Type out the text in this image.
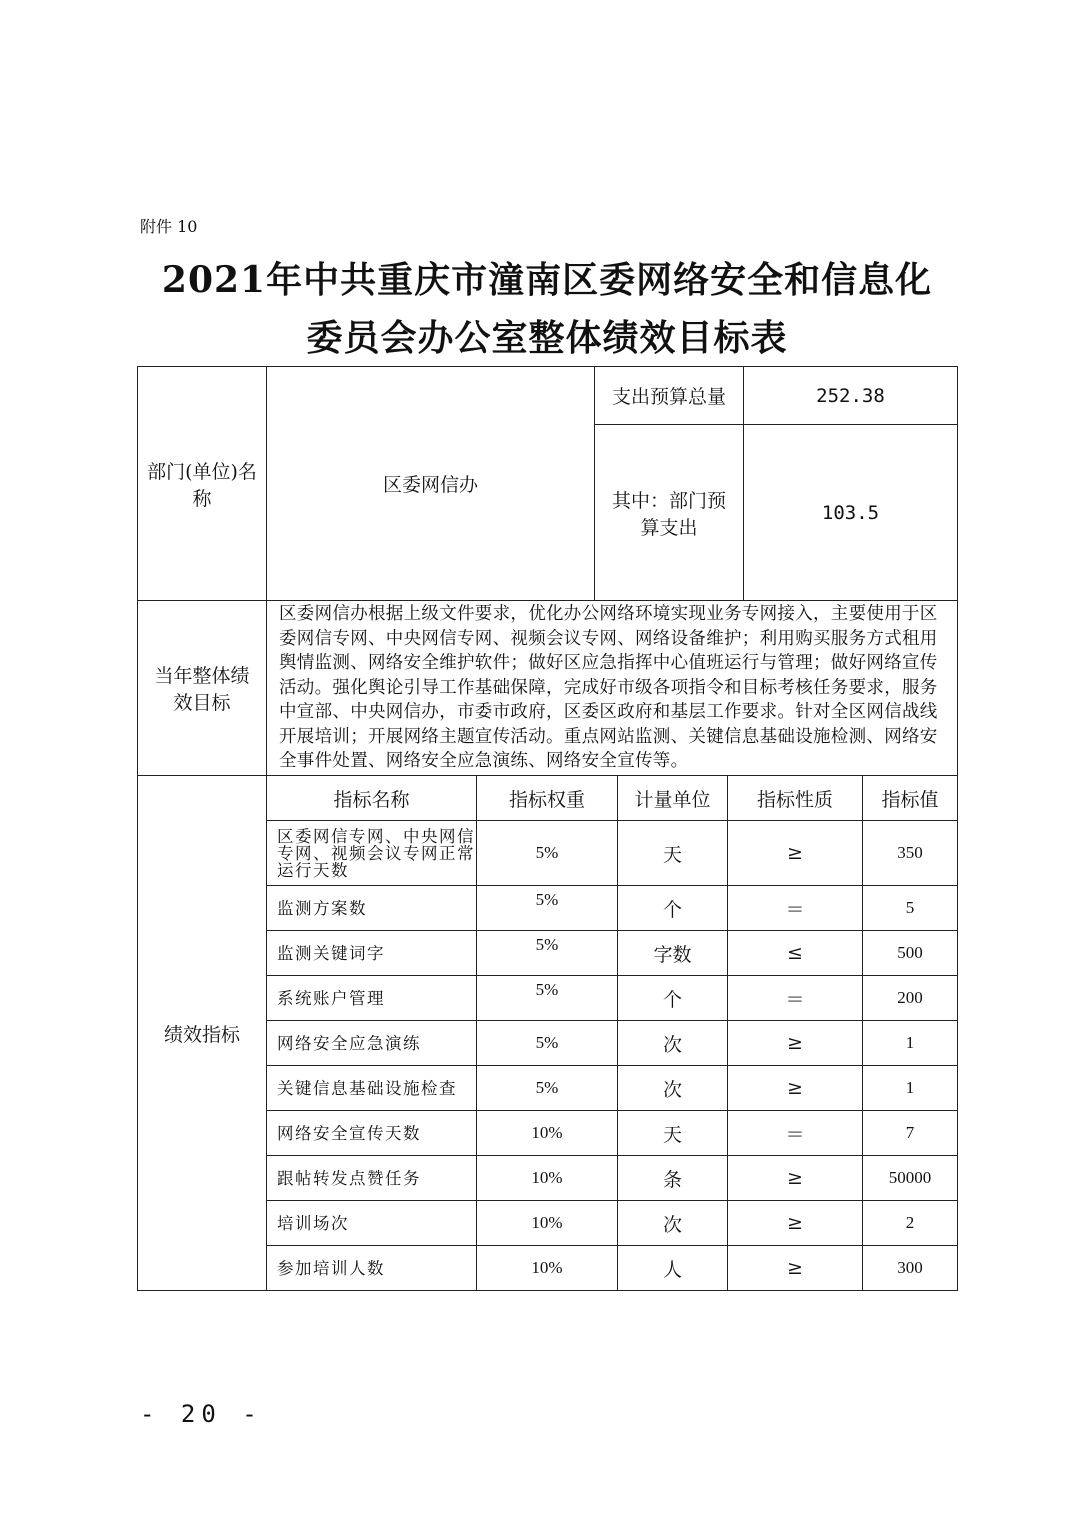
附件 10
2021年中共重庆市潼南区委网络安全和信息化
委员会办公室整体绩效目标表
部门(单位)名称	区委网信办	支出预算总量	252.38
		其中：部门预算支出	103.5
当年整体绩效目标	区委网信办根据上级文件要求，优化办公网络环境实现业务专网接入，主要使用于区委网信专网、中央网信专网、视频会议专网、网络设备维护；利用购买服务方式租用舆情监测、网络安全维护软件；做好区应急指挥中心值班运行与管理；做好网络宣传活动。强化舆论引导工作基础保障，完成好市级各项指令和目标考核任务要求，服务中宣部、中央网信办，市委市政府，区委区政府和基层工作要求。针对全区网信战线开展培训；开展网络主题宣传活动。重点网站监测、关键信息基础设施检测、网络安全事件处置、网络安全应急演练、网络安全宣传等。
绩效指标	指标名称	指标权重	计量单位	指标性质	指标值
	区委网信专网、中央网信专网、视频会议专网正常运行天数	5%	天	≥	350
	监测方案数	5%	个	＝	5
	监测关键词字	5%	字数	≤	500
	系统账户管理	5%	个	＝	200
	网络安全应急演练	5%	次	≥	1
	关键信息基础设施检查	5%	次	≥	1
	网络安全宣传天数	10%	天	＝	7
	跟帖转发点赞任务	10%	条	≥	50000
	培训场次	10%	次	≥	2
	参加培训人数	10%	人	≥	300
- 20 -
